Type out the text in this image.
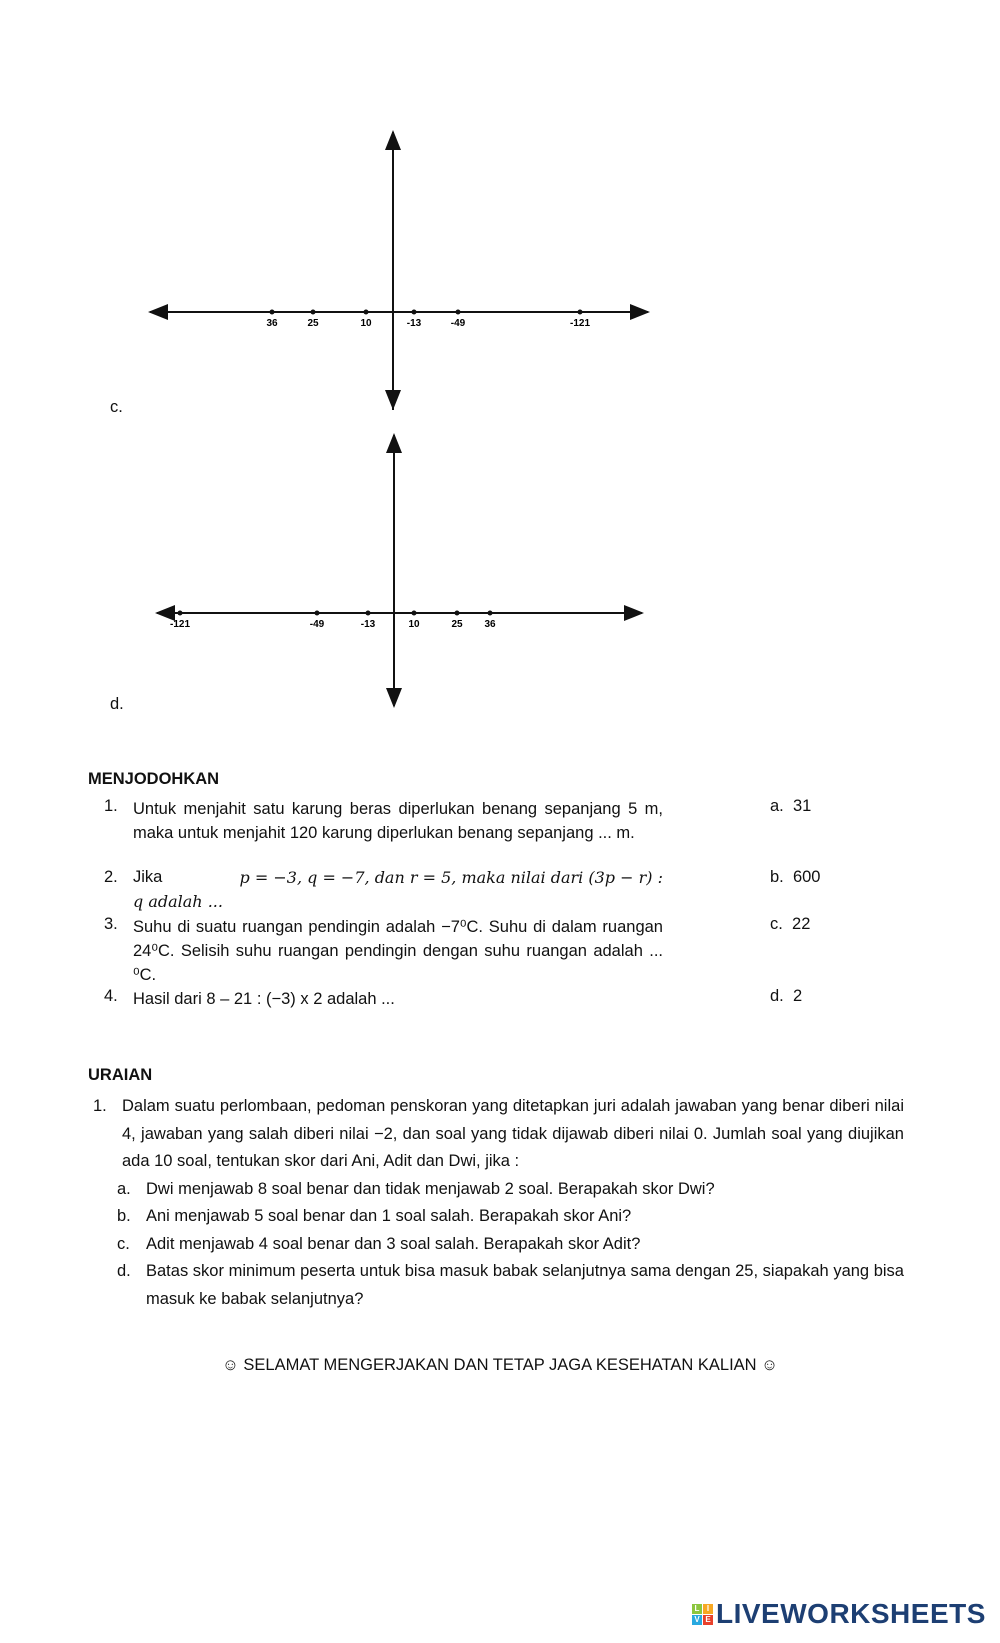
36	25	10	-13	-49	-121
-121	-49	-13	10	25 36
c.
d.
MENJODOHKAN
1. Untuk menjahit satu karung beras diperlukan benang sepanjang 5 m, maka untuk menjahit 120 karung diperlukan benang sepanjang ... m.
2. Jika	p = −3, q = −7, dan r = 5, maka nilai dari (3p − r) :
q adalah ...
3. Suhu di suatu ruangan pendingin adalah −7⁰C. Suhu di dalam ruangan 24⁰C. Selisih suhu ruangan pendingin dengan suhu ruangan adalah ... ⁰C.
4. Hasil dari 8 – 21 : (−3) x 2 adalah ...
a. 31
b. 600
c. 22
d. 2
URAIAN
1. Dalam suatu perlombaan, pedoman penskoran yang ditetapkan juri adalah jawaban yang benar diberi nilai 4, jawaban yang salah diberi nilai −2, dan soal yang tidak dijawab diberi nilai 0. Jumlah soal yang diujikan ada 10 soal, tentukan skor dari Ani, Adit dan Dwi, jika :
a. Dwi menjawab 8 soal benar dan tidak menjawab 2 soal. Berapakah skor Dwi?
b. Ani menjawab 5 soal benar dan 1 soal salah. Berapakah skor Ani?
c. Adit menjawab 4 soal benar dan 3 soal salah. Berapakah skor Adit?
d. Batas skor minimum peserta untuk bisa masuk babak selanjutnya sama dengan 25, siapakah yang bisa masuk ke babak selanjutnya?
☺ SELAMAT MENGERJAKAN DAN TETAP JAGA KESEHATAN KALIAN ☺
L I
V E LIVEWORKSHEETS
